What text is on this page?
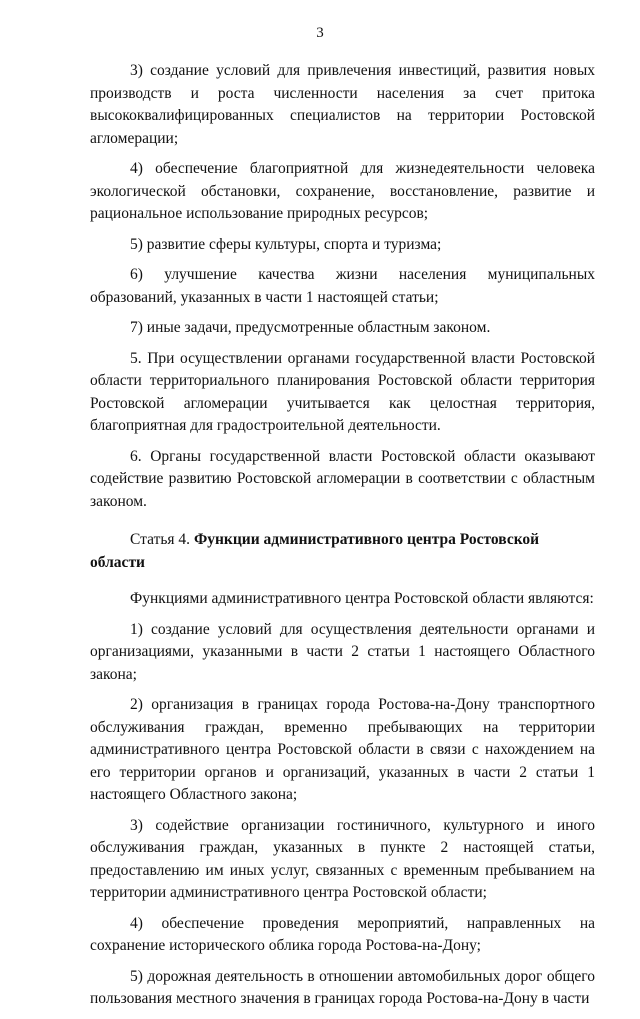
3

3) создание условий для привлечения инвестиций, развития новых производств и роста численности населения за счет притока высококвалифицированных специалистов на территории Ростовской агломерации;

4) обеспечение благоприятной для жизнедеятельности человека экологической обстановки, сохранение, восстановление, развитие и рациональное использование природных ресурсов;

5) развитие сферы культуры, спорта и туризма;

6) улучшение качества жизни населения муниципальных образований, указанных в части 1 настоящей статьи;

7) иные задачи, предусмотренные областным законом.

5. При осуществлении органами государственной власти Ростовской области территориального планирования Ростовской области территория Ростовской агломерации учитывается как целостная территория, благоприятная для градостроительной деятельности.

6. Органы государственной власти Ростовской области оказывают содействие развитию Ростовской агломерации в соответствии с областным законом.

Статья 4. Функции административного центра Ростовской области

Функциями административного центра Ростовской области являются:

1) создание условий для осуществления деятельности органами и организациями, указанными в части 2 статьи 1 настоящего Областного закона;

2) организация в границах города Ростова-на-Дону транспортного обслуживания граждан, временно пребывающих на территории административного центра Ростовской области в связи с нахождением на его территории органов и организаций, указанных в части 2 статьи 1 настоящего Областного закона;

3) содействие организации гостиничного, культурного и иного обслуживания граждан, указанных в пункте 2 настоящей статьи, предоставлению им иных услуг, связанных с временным пребыванием на территории административного центра Ростовской области;

4) обеспечение проведения мероприятий, направленных на сохранение исторического облика города Ростова-на-Дону;

5) дорожная деятельность в отношении автомобильных дорог общего пользования местного значения в границах города Ростова-на-Дону в части
